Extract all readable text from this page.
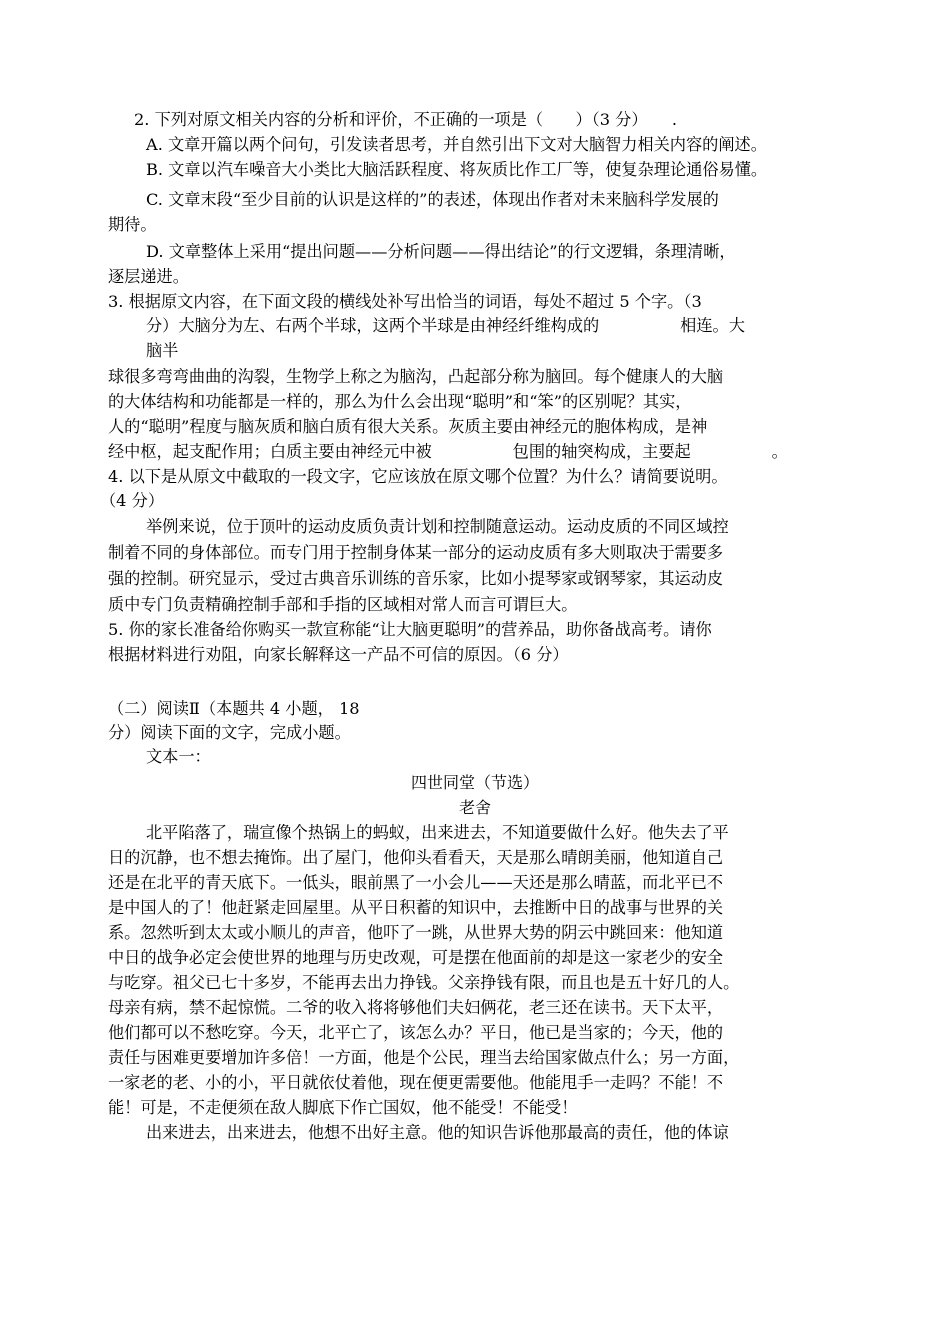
2. 下列对原文相关内容的分析和评价，不正确的一项是（　　）（3 分）　　.

A. 文章开篇以两个问句，引发读者思考，并自然引出下文对大脑智力相关内容的阐述。

B. 文章以汽车噪音大小类比大脑活跃程度、将灰质比作工厂等，使复杂理论通俗易懂。

C. 文章末段“至少目前的认识是这样的”的表述，体现出作者对未来脑科学发展的

期待。

D. 文章整体上采用“提出问题——分析问题——得出结论”的行文逻辑，条理清晰，

逐层递进。

3. 根据原文内容，在下面文段的横线处补写出恰当的词语，每处不超过 5 个字。（3

分）大脑分为左、右两个半球，这两个半球是由神经纤维构成的　　　　　相连。大

脑半

球很多弯弯曲曲的沟裂，生物学上称之为脑沟，凸起部分称为脑回。每个健康人的大脑

的大体结构和功能都是一样的，那么为什么会出现“聪明”和“笨”的区别呢？其实，

人的“聪明”程度与脑灰质和脑白质有很大关系。灰质主要由神经元的胞体构成，是神

经中枢，起支配作用；白质主要由神经元中被　　　　　包围的轴突构成，主要起　　　　　。

4. 以下是从原文中截取的一段文字，它应该放在原文哪个位置？为什么？请简要说明。

（4 分）

举例来说，位于顶叶的运动皮质负责计划和控制随意运动。运动皮质的不同区域控

制着不同的身体部位。而专门用于控制身体某一部分的运动皮质有多大则取决于需要多

强的控制。研究显示，受过古典音乐训练的音乐家，比如小提琴家或钢琴家，其运动皮

质中专门负责精确控制手部和手指的区域相对常人而言可谓巨大。

5. 你的家长准备给你购买一款宣称能“让大脑更聪明”的营养品，助你备战高考。请你

根据材料进行劝阻，向家长解释这一产品不可信的原因。（6 分）

（二）阅读Ⅱ（本题共 4 小题， 18

分）阅读下面的文字，完成小题。

文本一：

四世同堂（节选）

老舍

北平陷落了，瑞宣像个热锅上的蚂蚁，出来进去，不知道要做什么好。他失去了平

日的沉静，也不想去掩饰。出了屋门，他仰头看看天，天是那么晴朗美丽，他知道自己

还是在北平的青天底下。一低头，眼前黑了一小会儿——天还是那么晴蓝，而北平已不

是中国人的了！他赶紧走回屋里。从平日积蓄的知识中，去推断中日的战事与世界的关

系。忽然听到太太或小顺儿的声音，他吓了一跳，从世界大势的阴云中跳回来：他知道

中日的战争必定会使世界的地理与历史改观，可是摆在他面前的却是这一家老少的安全

与吃穿。祖父已七十多岁，不能再去出力挣钱。父亲挣钱有限，而且也是五十好几的人。

母亲有病，禁不起惊慌。二爷的收入将将够他们夫妇俩花，老三还在读书。天下太平，

他们都可以不愁吃穿。今天，北平亡了，该怎么办？平日，他已是当家的；今天，他的

责任与困难更要增加许多倍！一方面，他是个公民，理当去给国家做点什么；另一方面，

一家老的老、小的小，平日就依仗着他，现在便更需要他。他能甩手一走吗？不能！不

能！可是，不走便须在敌人脚底下作亡国奴，他不能受！不能受！

出来进去，出来进去，他想不出好主意。他的知识告诉他那最高的责任，他的体谅
